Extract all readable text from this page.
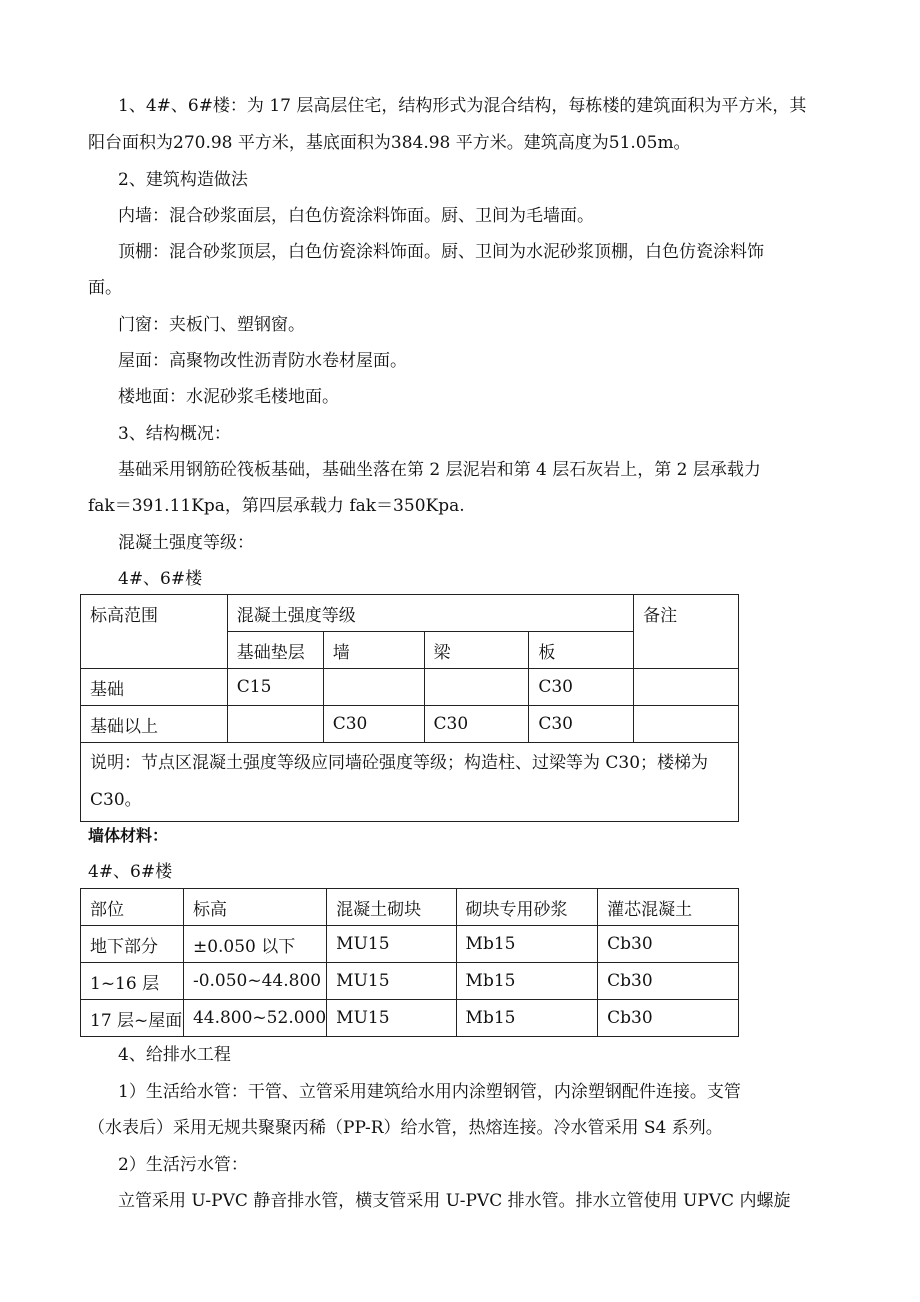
1、4#、6#楼：为 17 层高层住宅，结构形式为混合结构，每栋楼的建筑面积为平方米，其
阳台面积为270.98 平方米，基底面积为384.98 平方米。建筑高度为51.05m。
2、建筑构造做法
内墙：混合砂浆面层，白色仿瓷涂料饰面。厨、卫间为毛墙面。
顶棚：混合砂浆顶层，白色仿瓷涂料饰面。厨、卫间为水泥砂浆顶棚，白色仿瓷涂料饰
面。
门窗：夹板门、塑钢窗。
屋面：高聚物改性沥青防水卷材屋面。
楼地面：水泥砂浆毛楼地面。
3、结构概况：
基础采用钢筋砼筏板基础，基础坐落在第 2 层泥岩和第 4 层石灰岩上，第 2 层承载力
fak＝391.11Kpa，第四层承载力 fak＝350Kpa.
混凝土强度等级：
4#、6#楼
标高范围	混凝土强度等级				备注
	基础垫层	墙	梁	板	
基础	C15			C30	
基础以上		C30	C30	C30	
说明：节点区混凝土强度等级应同墙砼强度等级；构造柱、过梁等为 C30；楼梯为 C30。					
墙体材料：
4#、6#楼
部位	标高	混凝土砌块	砌块专用砂浆	灌芯混凝土
地下部分	±0.050 以下	MU15	Mb15	Cb30
1~16 层	-0.050~44.800	MU15	Mb15	Cb30
17 层~屋面	44.800~52.000	MU15	Mb15	Cb30
4、给排水工程
1）生活给水管：干管、立管采用建筑给水用内涂塑钢管，内涂塑钢配件连接。支管
（水表后）采用无规共聚聚丙稀（PP-R）给水管，热熔连接。冷水管采用 S4 系列。
2）生活污水管：
立管采用 U-PVC 静音排水管，横支管采用 U-PVC 排水管。排水立管使用 UPVC 内螺旋
